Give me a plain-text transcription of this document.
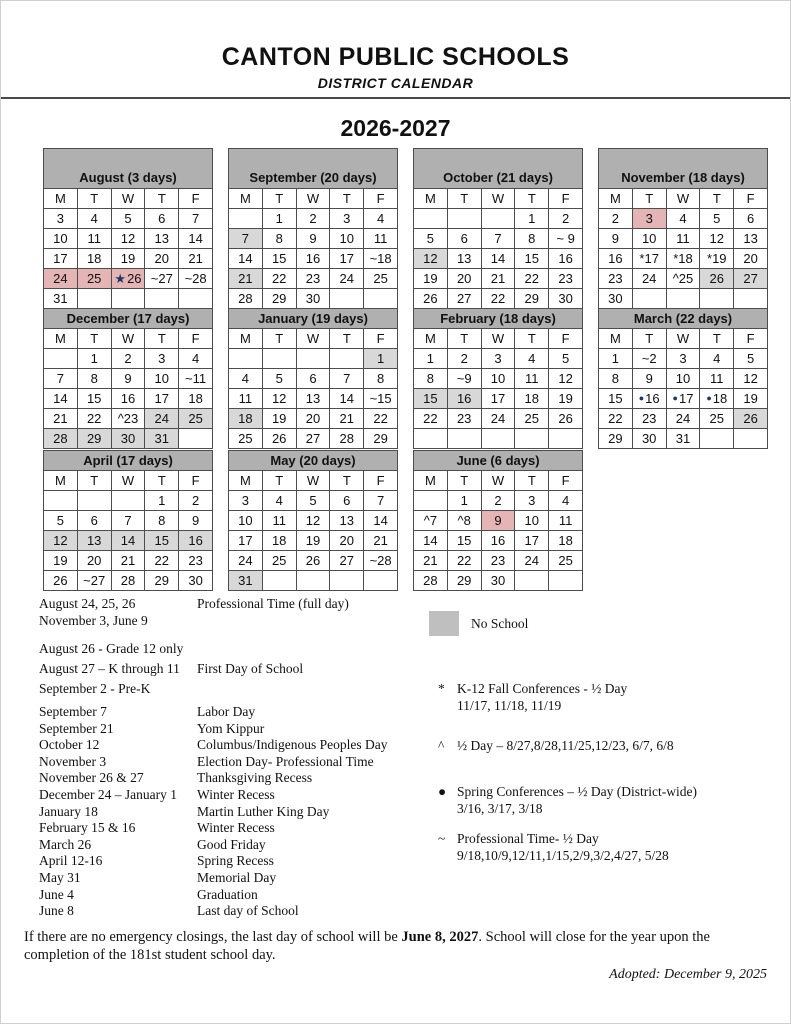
CANTON PUBLIC SCHOOLS
DISTRICT CALENDAR
2026-2027
August (3 days)				
M	T	W	T	F
3	4	5	6	7
10	11	12	13	14
17	18	19	20	21
24	25	★26	~27	~28
31				
September (20 days)				
M	T	W	T	F
	1	2	3	4
7	8	9	10	11
14	15	16	17	~18
21	22	23	24	25
28	29	30		
October (21 days)				
M	T	W	T	F
			1	2
5	6	7	8	~ 9
12	13	14	15	16
19	20	21	22	23
26	27	22	29	30
November (18 days)				
M	T	W	T	F
2	3	4	5	6
9	10	11	12	13
16	*17	*18	*19	20
23	24	^25	26	27
30				
December (17 days)				
M	T	W	T	F
	1	2	3	4
7	8	9	10	~11
14	15	16	17	18
21	22	^23	24	25
28	29	30	31	
January (19 days)				
M	T	W	T	F
				1
4	5	6	7	8
11	12	13	14	~15
18	19	20	21	22
25	26	27	28	29
February (18 days)				
M	T	W	T	F
1	2	3	4	5
8	~9	10	11	12
15	16	17	18	19
22	23	24	25	26

March (22 days)				
M	T	W	T	F
1	~2	3	4	5
8	9	10	11	12
15	●16	●17	●18	19
22	23	24	25	26
29	30	31		
April (17 days)				
M	T	W	T	F
			1	2
5	6	7	8	9
12	13	14	15	16
19	20	21	22	23
26	~27	28	29	30
May (20 days)				
M	T	W	T	F
3	4	5	6	7
10	11	12	13	14
17	18	19	20	21
24	25	26	27	~28
31				
June (6 days)				
M	T	W	T	F
	1	2	3	4
^7	^8	9	10	11
14	15	16	17	18
21	22	23	24	25
28	29	30		
August 24, 25, 26
November 3, June 9
Professional Time (full day)
August 26 - Grade 12 only
August 27 – K through 11	First Day of School
September 2 - Pre-K
September 7	Labor Day
September 21	Yom Kippur
October 12	Columbus/Indigenous Peoples Day
November 3	Election Day- Professional Time
November 26 & 27	Thanksgiving Recess
December 24 – January 1	Winter Recess
January 18	Martin Luther King Day
February 15 & 16	Winter Recess
March 26	Good Friday
April 12-16	Spring Recess
May 31	Memorial Day
June 4	Graduation
June 8	Last day of School
No School
* K-12 Fall Conferences - ½ Day
11/17, 11/18, 11/19
^ ½ Day – 8/27,8/28,11/25,12/23, 6/7, 6/8
● Spring Conferences – ½ Day (District-wide)
3/16, 3/17, 3/18
~ Professional Time- ½ Day
9/18,10/9,12/11,1/15,2/9,3/2,4/27, 5/28
If there are no emergency closings, the last day of school will be June 8, 2027. School will close for the year upon the completion of the 181st student school day.
Adopted: December 9, 2025
